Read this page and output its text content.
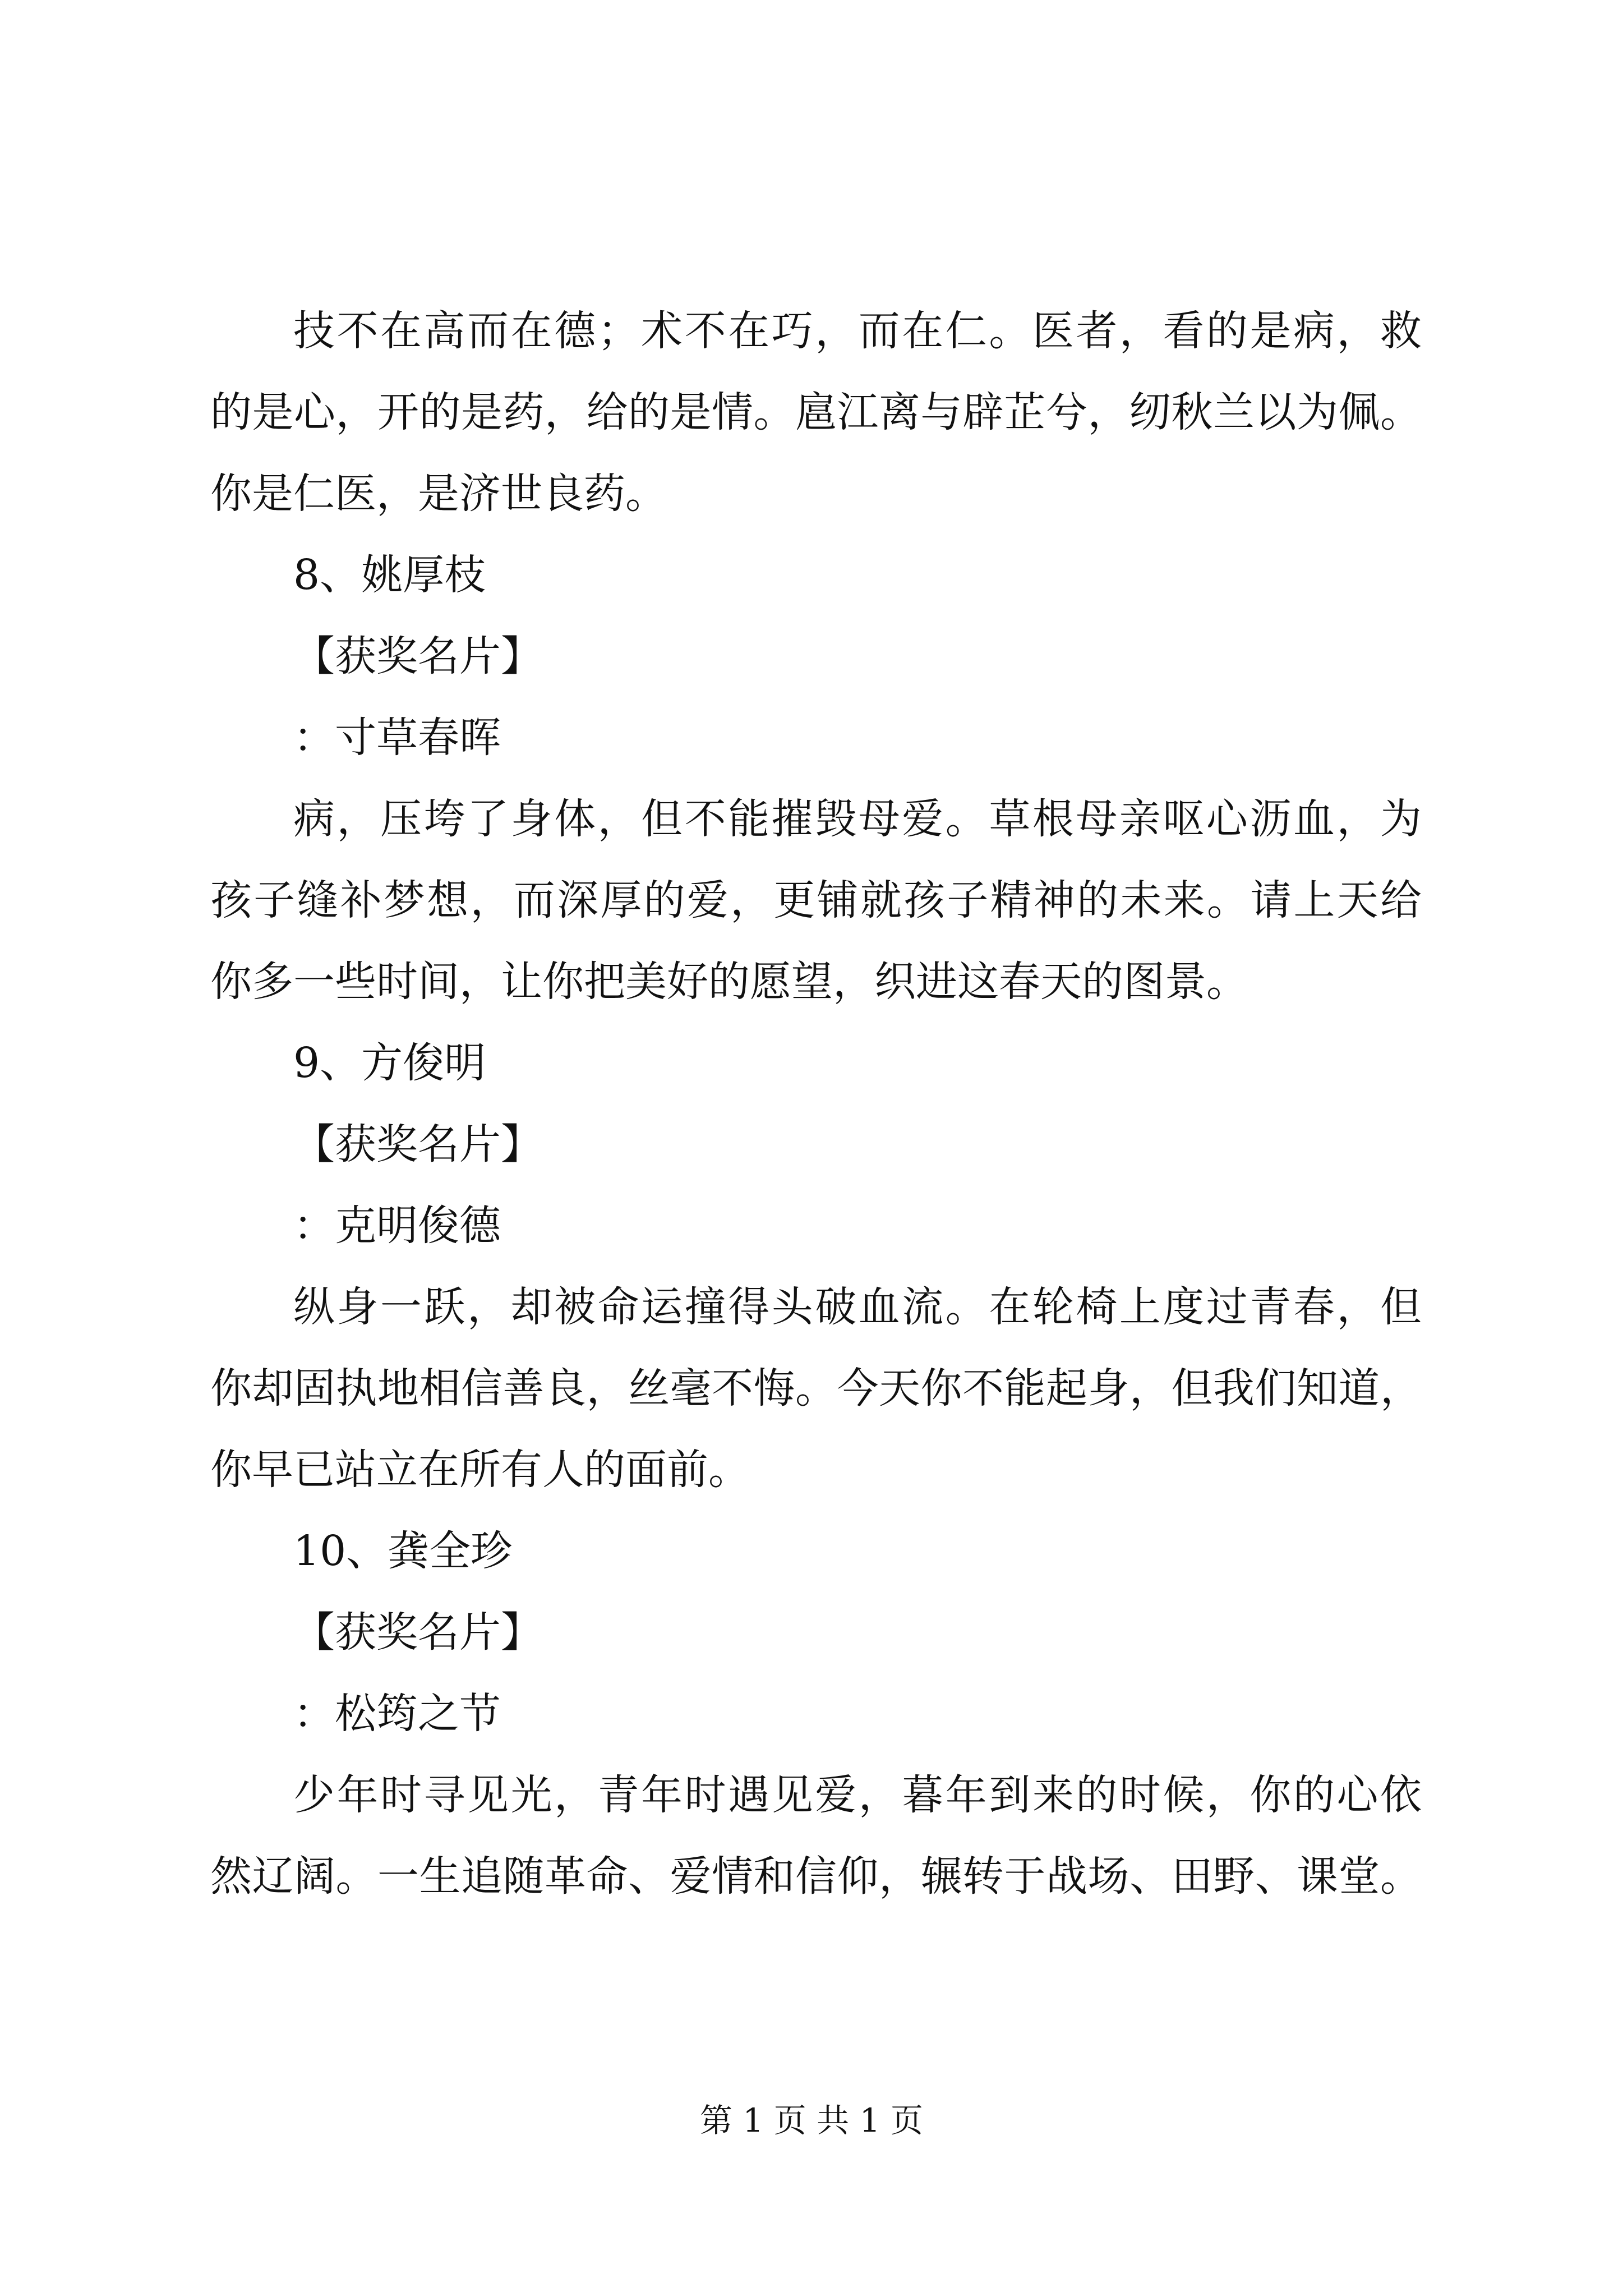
技不在高而在德；术不在巧，而在仁。医者，看的是病，救
的是心，开的是药，给的是情。扈江离与辟芷兮，纫秋兰以为佩。
你是仁医，是济世良药。
8、姚厚枝
【获奖名片】
：寸草春晖
病，压垮了身体，但不能摧毁母爱。草根母亲呕心沥血，为
孩子缝补梦想，而深厚的爱，更铺就孩子精神的未来。请上天给
你多一些时间，让你把美好的愿望，织进这春天的图景。
9、方俊明
【获奖名片】
：克明俊德
纵身一跃，却被命运撞得头破血流。在轮椅上度过青春，但
你却固执地相信善良，丝毫不悔。今天你不能起身，但我们知道，
你早已站立在所有人的面前。
10、龚全珍
【获奖名片】
：松筠之节
少年时寻见光，青年时遇见爱，暮年到来的时候，你的心依
然辽阔。一生追随革命、爱情和信仰，辗转于战场、田野、课堂。
第 1 页 共 1 页
